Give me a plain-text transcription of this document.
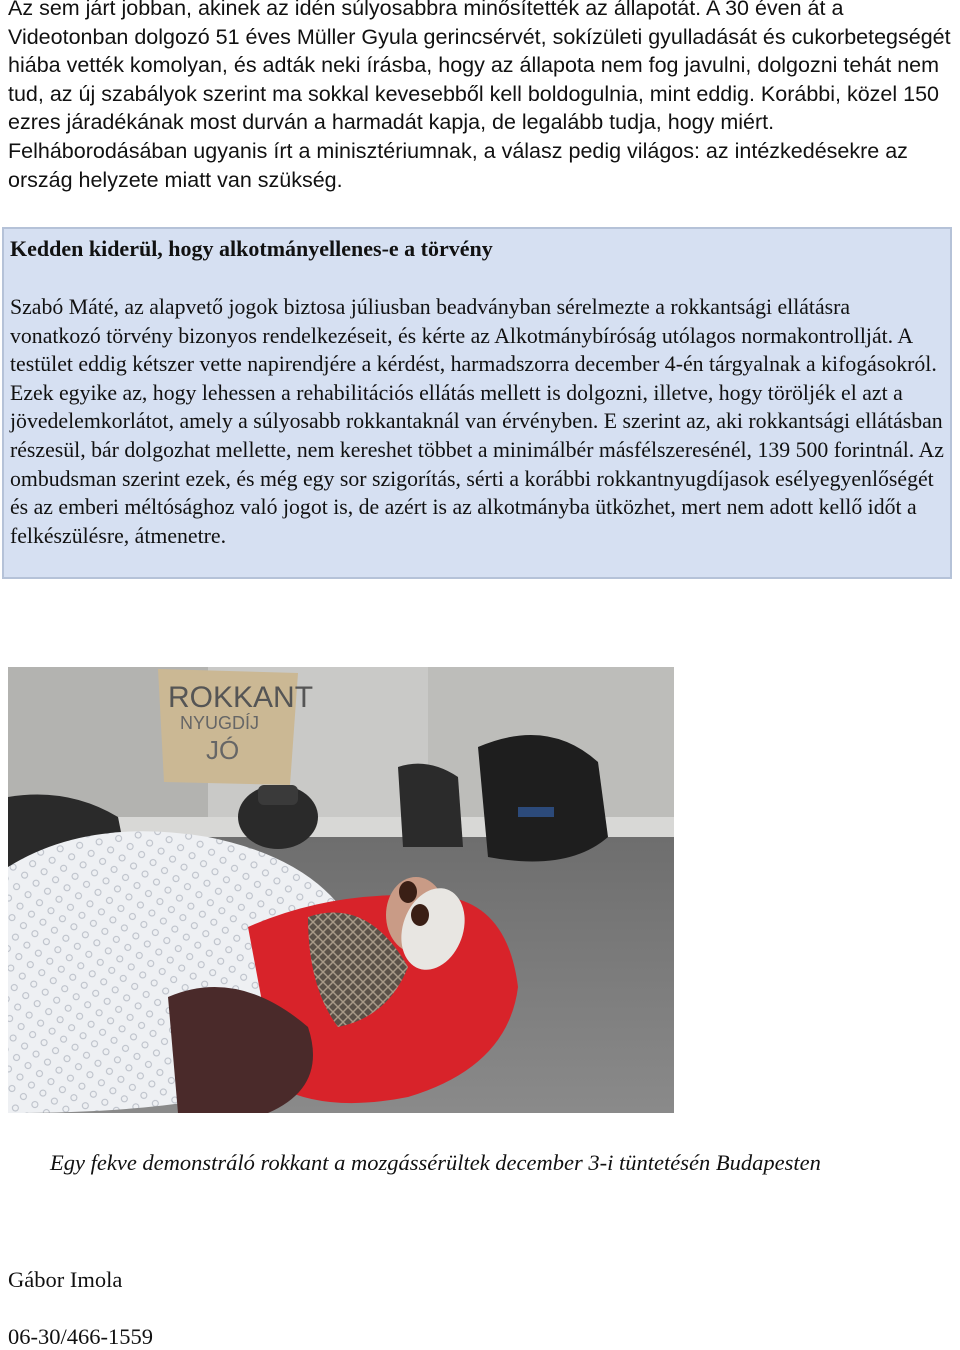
Az sem járt jobban, akinek az idén súlyosabbra minősítették az állapotát. A 30 éven át a Videotonban dolgozó 51 éves Müller Gyula gerincsérvét, sokízületi gyulladását és cukorbetegségét hiába vették komolyan, és adták neki írásba, hogy az állapota nem fog javulni, dolgozni tehát nem tud, az új szabályok szerint ma sokkal kevesebből kell boldogulnia, mint eddig. Korábbi, közel 150 ezres járadékának most durván a harmadát kapja, de legalább tudja, hogy miért. Felháborodásában ugyanis írt a minisztériumnak, a válasz pedig világos: az intézkedésekre az ország helyzete miatt van szükség.

Kedden kiderül, hogy alkotmányellenes-e a törvény

Szabó Máté, az alapvető jogok biztosa júliusban beadványban sérelmezte a rokkantsági ellátásra vonatkozó törvény bizonyos rendelkezéseit, és kérte az Alkotmánybíróság utólagos normakontrollját. A testület eddig kétszer vette napirendjére a kérdést, harmadszorra december 4-én tárgyalnak a kifogásokról. Ezek egyike az, hogy lehessen a rehabilitációs ellátás mellett is dolgozni, illetve, hogy töröljék el azt a jövedelemkorlátot, amely a súlyosabb rokkantaknál van érvényben. E szerint az, aki rokkantsági ellátásban részesül, bár dolgozhat mellette, nem kereshet többet a minimálbér másfélszeresénél, 139 500 forintnál. Az ombudsman szerint ezek, és még egy sor szigorítás, sérti a korábbi rokkantnyugdíjasok esélyegyenlőségét és az emberi méltósághoz való jogot is, de azért is az alkotmányba ütközhet, mert nem adott kellő időt a felkészülésre, átmenetre.

ROKKANT
NYUGDÍJ
JÓ

Egy fekve demonstráló rokkant a mozgássérültek december 3-i tüntetésén Budapesten

Gábor Imola

06-30/466-1559
